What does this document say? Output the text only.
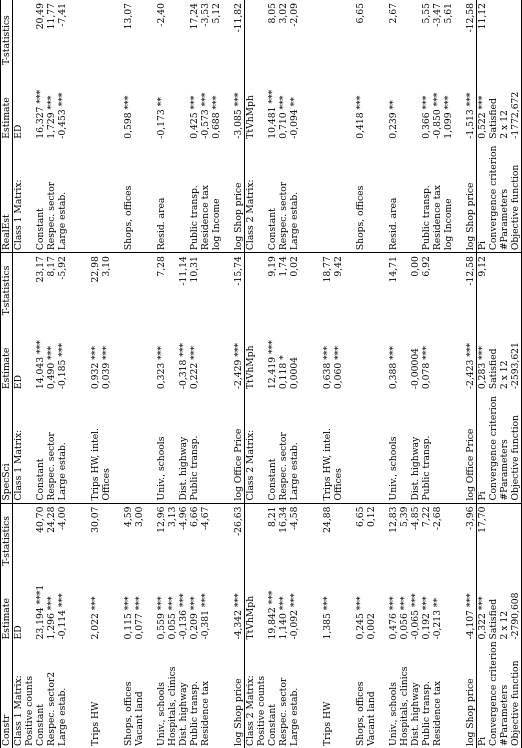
Constr	Estimate	T-statistics	SpecSci	Estimate	T-statistics	RealEst	Estimate	T-statistics
Class 1 Matrix:	ED		Class 1 Matrix:	ED		Class 1 Matrix:	ED	
Positive counts								
Constant	23,194 ***1	40,70	Constant	14,043 ***	23,17	Constant	16,327 ***	20,49
Respec. sector2	1,296 ***	24,28	Respec. sector	0,490 ***	8,17	Respec. sector	1,729 ***	11,77
Large estab.	-0,114 ***	-4,00	Large estab.	-0,185 ***	-5,92	Large estab.	-0,453 ***	-7,41

Trips HW	2,022 ***	30,07	Trips HW, intel.	0,932 ***	22,98			
			Offices	0,039 ***	3,10			

Shops, offices	0,115 ***	4,59				Shops, offices	0,598 ***	13,07
Vacant land	0,077 ***	3,00						

Univ., schools	0,559 ***	12,96	Univ., schools	0,323 ***	7,28	Resid. area	-0,173 **	-2,40
Hospitals, clinics	0,055 ***	3,13						
Dist. highway	-0,136 ***	-4,96	Dist. highway	-0,318 ***	-11,14			
Public transp.	0,209 ***	6,66	Public transp.	0,222 ***	10,31	Public transp.	0,425 ***	17,24
Residence tax	-0,381 ***	-4,67				Residence tax	-0,573 ***	-3,53
						log Income	0,688 ***	5,12

log Shop price	-4,342 ***	-26,63	log Office Price	-2,429 ***	-15,74	log Shop price	-3,085 ***	-11,82
Class 2 Matrix:	TtVhMph		Class 2 Matrix:	TtVhMph		Class 2 Matrix:	TtVhMph	
Positive counts								
Constant	19,842 ***	8,21	Constant	12,419 ***	9,19	Constant	10,481 ***	8,05
Respec. sector	1,140 ***	16,34	Respec. sector	0,118 *	1,74	Respec. sector	0,710 ***	3,02
Large estab.	-0,092 ***	-4,58	Large estab.	0,0004	0,02	Large estab.	-0,094 **	-2,09

Trips HW	1,385 ***	24,88	Trips HW, intel.	0,638 ***	18,77			
			Offices	0,060 ***	9,42			

Shops, offices	0,245 ***	6,65				Shops, offices	0,418 ***	6,65
Vacant land	0,002	0,12						

Univ., schools	0,476 ***	12,83	Univ., schools	0,388 ***	14,71	Resid. area	0,239 **	2,67
Hospitals, clinics	0,056 ***	5,39						
Dist. highway	-0,065 ***	-4,85	Dist. highway	-0,00004	0,00			
Public transp.	0,192 ***	7,22	Public transp.	0,078 ***	6,92	Public transp.	0,366 ***	5,55
Residence tax	-0,213 **	-2,68				Residence tax	-0,850 ***	-3,47
						log Income	1,099 ***	5,61

log Shop price	-4,107 ***	-3,96	log Office Price	-2,423 ***	-12,58	log Shop price	-1,513 ***	-12,58
Pi	0,322 ***	17,70	Pi	0,283 ***	9,12	Pi	0,522 ***	11,12
Convergence criterion	Satisfied		Convergence criterion	Satisfied		Convergence criterion	Satisfied	
#Parameters	2 x 12		#Parameters	2 x 12		#Parameters	2 x 12	
Objective function	-2790,608		Objective function	-2593,621		Objective function	-1772,672	
